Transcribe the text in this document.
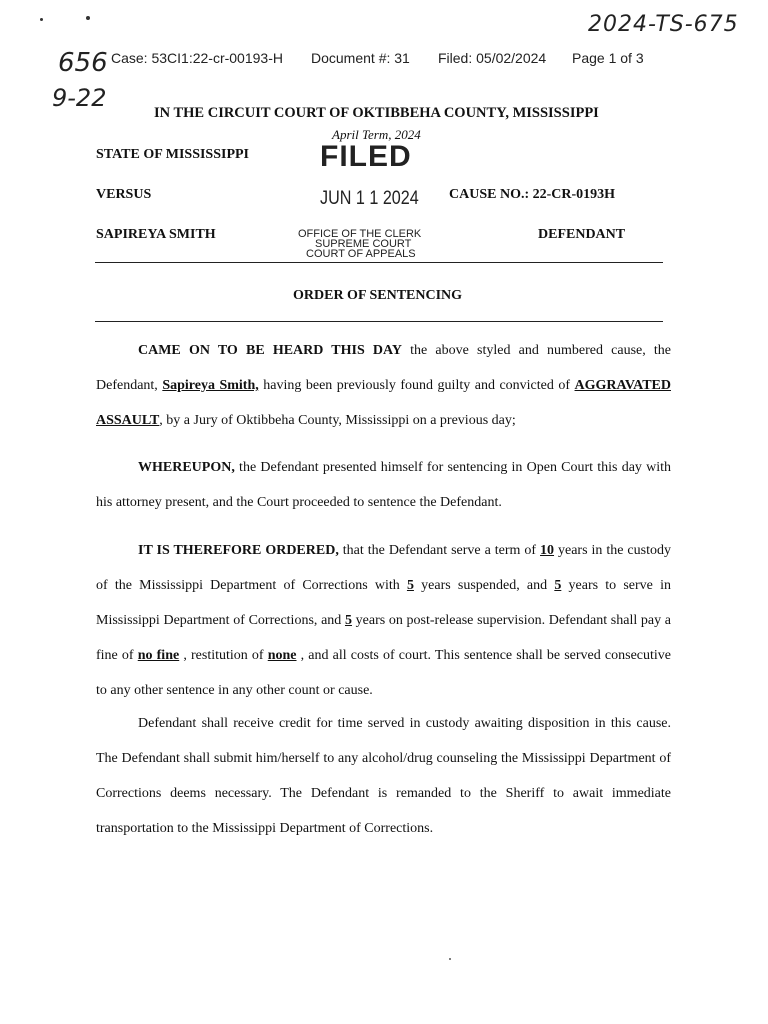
2024-TS-675
656
9-22
Case: 53CI1:22-cr-00193-H Document #: 31 Filed: 05/02/2024 Page 1 of 3
IN THE CIRCUIT COURT OF OKTIBBEHA COUNTY, MISSISSIPPI
April Term, 2024
FILED
JUN 1 1 2024
OFFICE OF THE CLERK
SUPREME COURT
COURT OF APPEALS
STATE OF MISSISSIPPI
VERSUS	CAUSE NO.: 22-CR-0193H
SAPIREYA SMITH	DEFENDANT
ORDER OF SENTENCING

CAME ON TO BE HEARD THIS DAY the above styled and numbered cause, the Defendant, Sapireya Smith, having been previously found guilty and convicted of AGGRAVATED ASSAULT, by a Jury of Oktibbeha County, Mississippi on a previous day;

WHEREUPON, the Defendant presented himself for sentencing in Open Court this day with his attorney present, and the Court proceeded to sentence the Defendant.

IT IS THEREFORE ORDERED, that the Defendant serve a term of 10 years in the custody of the Mississippi Department of Corrections with 5 years suspended, and 5 years to serve in Mississippi Department of Corrections, and 5 years on post-release supervision. Defendant shall pay a fine of no fine , restitution of none , and all costs of court. This sentence shall be served consecutive to any other sentence in any other count or cause.

Defendant shall receive credit for time served in custody awaiting disposition in this cause. The Defendant shall submit him/herself to any alcohol/drug counseling the Mississippi Department of Corrections deems necessary. The Defendant is remanded to the Sheriff to await immediate transportation to the Mississippi Department of Corrections.
